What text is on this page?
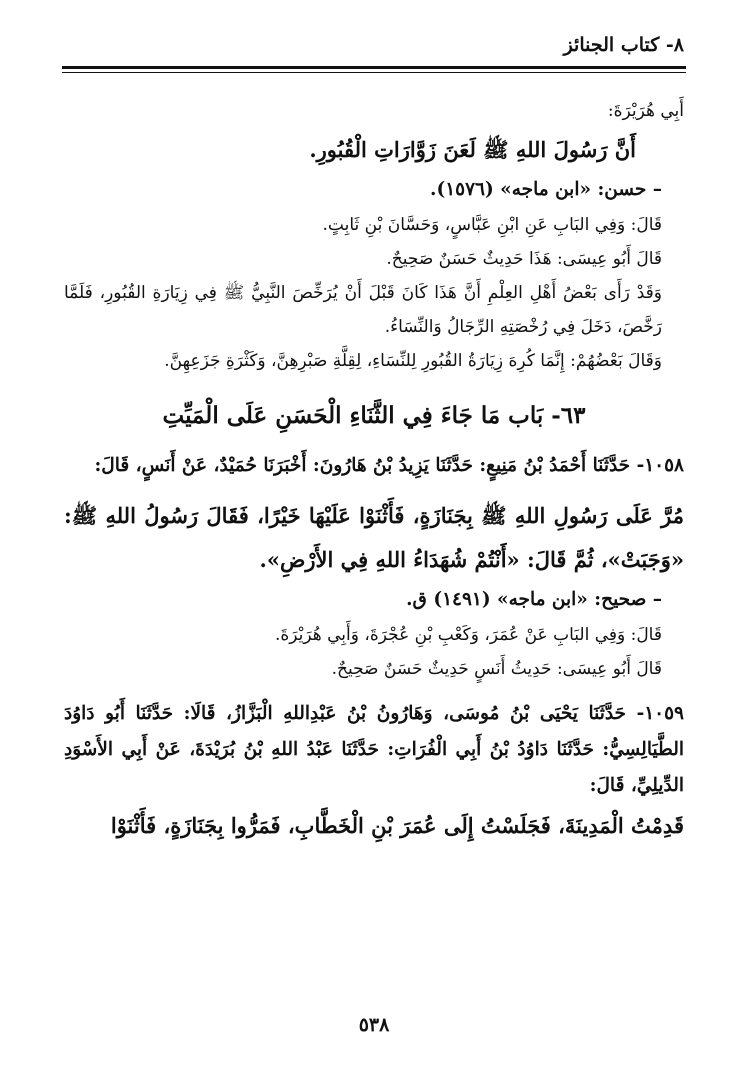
٨- كتاب الجنائز

أَبِي هُرَيْرَةَ:

أَنَّ رَسُولَ اللهِ ﷺ لَعَنَ زَوَّارَاتِ الْقُبُورِ.

– حسن: «ابن ماجه» (١٥٧٦).

قَالَ: وَفِي البَابِ عَنِ ابْنِ عَبَّاسٍ، وَحَسَّانَ بْنِ ثَابِتٍ.

قَالَ أَبُو عِيسَى: هَذَا حَدِيثٌ حَسَنٌ صَحِيحٌ.

وَقَدْ رَأَى بَعْضُ أَهْلِ العِلْمِ أَنَّ هَذَا كَانَ قَبْلَ أَنْ يُرَخِّصَ النَّبِيُّ ﷺ فِي زِيَارَةِ القُبُورِ، فَلَمَّا رَخَّصَ، دَخَلَ فِي رُخْصَتِهِ الرِّجَالُ وَالنِّسَاءُ.

وَقَالَ بَعْضُهُمْ: إِنَّمَا كُرِهَ زِيَارَةُ القُبُورِ لِلنِّسَاءِ، لِقِلَّةِ صَبْرِهِنَّ، وَكَثْرَةِ جَزَعِهِنَّ.

٦٣- بَاب مَا جَاءَ فِي الثَّنَاءِ الْحَسَنِ عَلَى الْمَيِّتِ

١٠٥٨- حَدَّثَنَا أَحْمَدُ بْنُ مَنِيعٍ: حَدَّثَنَا يَزِيدُ بْنُ هَارُونَ: أَخْبَرَنَا حُمَيْدٌ، عَنْ أَنَسٍ، قَالَ:

مُرَّ عَلَى رَسُولِ اللهِ ﷺ بِجَنَازَةٍ، فَأَثْنَوْا عَلَيْهَا خَيْرًا، فَقَالَ رَسُولُ اللهِ ﷺ: «وَجَبَتْ»، ثُمَّ قَالَ: «أَنْتُمْ شُهَدَاءُ اللهِ فِي الأَرْضِ».

– صحيح: «ابن ماجه» (١٤٩١) ق.

قَالَ: وَفِي البَابِ عَنْ عُمَرَ، وَكَعْبِ بْنِ عُجْرَةَ، وَأَبِي هُرَيْرَةَ.

قَالَ أَبُو عِيسَى: حَدِيثُ أَنَسٍ حَدِيثٌ حَسَنٌ صَحِيحٌ.

١٠٥٩- حَدَّثَنَا يَحْيَى بْنُ مُوسَى، وَهَارُونُ بْنُ عَبْدِاللهِ الْبَزَّازُ، قَالَا: حَدَّثَنَا أَبُو دَاوُدَ الطَّيَالِسِيُّ: حَدَّثَنَا دَاوُدُ بْنُ أَبِي الْفُرَاتِ: حَدَّثَنَا عَبْدُ اللهِ بْنُ بُرَيْدَةَ، عَنْ أَبِي الأَسْوَدِ الدِّيلِيِّ، قَالَ:

قَدِمْتُ الْمَدِينَةَ، فَجَلَسْتُ إِلَى عُمَرَ بْنِ الْخَطَّابِ، فَمَرُّوا بِجَنَازَةٍ، فَأَثْنَوْا

٥٣٨
